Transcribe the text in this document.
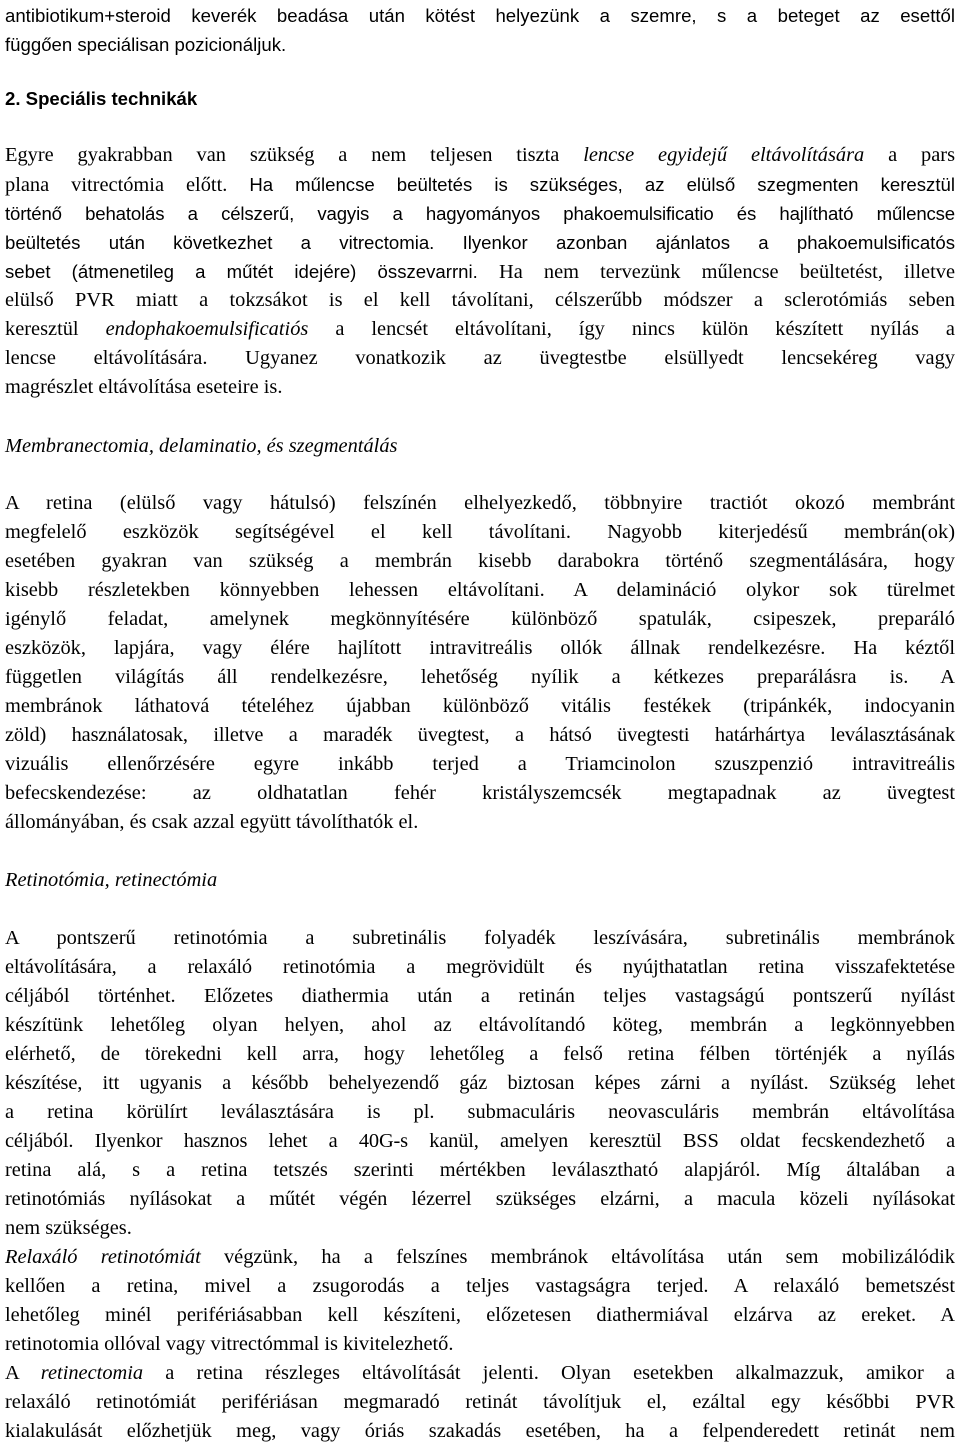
antibiotikum+steroid keverék beadása után kötést helyezünk a szemre, s a beteget az esettől
függően speciálisan pozicionáljuk.
2. Speciális technikák
Egyre gyakrabban van szükség a nem teljesen tiszta lencse egyidejű eltávolítására a pars
plana vitrectómia előtt. Ha műlencse beültetés is szükséges, az elülső szegmenten keresztül
történő behatolás a célszerű, vagyis a hagyományos phakoemulsificatio és hajlítható műlencse
beültetés után következhet a vitrectomia. Ilyenkor azonban ajánlatos a phakoemulsificatós
sebet (átmenetileg a műtét idejére) összevarrni. Ha nem tervezünk műlencse beültetést, illetve
elülső PVR miatt a tokzsákot is el kell távolítani, célszerűbb módszer a sclerotómiás seben
keresztül endophakoemulsificatiós a lencsét eltávolítani, így nincs külön készített nyílás a
lencse eltávolítására. Ugyanez vonatkozik az üvegtestbe elsüllyedt lencsekéreg vagy
magrészlet eltávolítása eseteire is.
Membranectomia, delaminatio, és szegmentálás
A retina (elülső vagy hátulsó) felszínén elhelyezkedő, többnyire tractiót okozó membránt
megfelelő eszközök segítségével el kell távolítani. Nagyobb kiterjedésű membrán(ok)
esetében gyakran van szükség a membrán kisebb darabokra történő szegmentálására, hogy
kisebb részletekben könnyebben lehessen eltávolítani. A delamináció olykor sok türelmet
igénylő feladat, amelynek megkönnyítésére különböző spatulák, csipeszek, preparáló
eszközök, lapjára, vagy élére hajlított intravitreális ollók állnak rendelkezésre. Ha kéztől
független világítás áll rendelkezésre, lehetőség nyílik a kétkezes preparálásra is. A
membránok láthatová tételéhez újabban különböző vitális festékek (tripánkék, indocyanin
zöld) használatosak, illetve a maradék üvegtest, a hátsó üvegtesti határhártya leválasztásának
vizuális ellenőrzésére egyre inkább terjed a Triamcinolon szuszpenzió intravitreális
befecskendezése: az oldhatatlan fehér kristályszemcsék megtapadnak az üvegtest
állományában, és csak azzal együtt távolíthatók el.
Retinotómia, retinectómia
A pontszerű retinotómia a subretinális folyadék leszívására, subretinális membránok
eltávolítására, a relaxáló retinotómia a megrövidült és nyújthatatlan retina visszafektetése
céljából történhet. Előzetes diathermia után a retinán teljes vastagságú pontszerű nyílást
készítünk lehetőleg olyan helyen, ahol az eltávolítandó köteg, membrán a legkönnyebben
elérhető, de törekedni kell arra, hogy lehetőleg a felső retina félben történjék a nyílás
készítése, itt ugyanis a később behelyezendő gáz biztosan képes zárni a nyílást. Szükség lehet
a retina körülírt leválasztására is pl. submaculáris neovasculáris membrán eltávolítása
céljából. Ilyenkor hasznos lehet a 40G-s kanül, amelyen keresztül BSS oldat fecskendezhető a
retina alá, s a retina tetszés szerinti mértékben leválasztható alapjáról. Míg általában a
retinotómiás nyílásokat a műtét végén lézerrel szükséges elzárni, a macula közeli nyílásokat
nem szükséges.
Relaxáló retinotómiát végzünk, ha a felszínes membránok eltávolítása után sem mobilizálódik
kellően a retina, mivel a zsugorodás a teljes vastagságra terjed. A relaxáló bemetszést
lehetőleg minél perifériásabban kell készíteni, előzetesen diathermiával elzárva az ereket. A
retinotomia ollóval vagy vitrectómmal is kivitelezhető.
A retinectomia a retina részleges eltávolítását jelenti. Olyan esetekben alkalmazzuk, amikor a
relaxáló retinotómiát perifériásan megmaradó retinát távolítjuk el, ezáltal egy későbbi PVR
kialakulását előzhetjük meg, vagy óriás szakadás esetében, ha a felpenderedett retinát nem
